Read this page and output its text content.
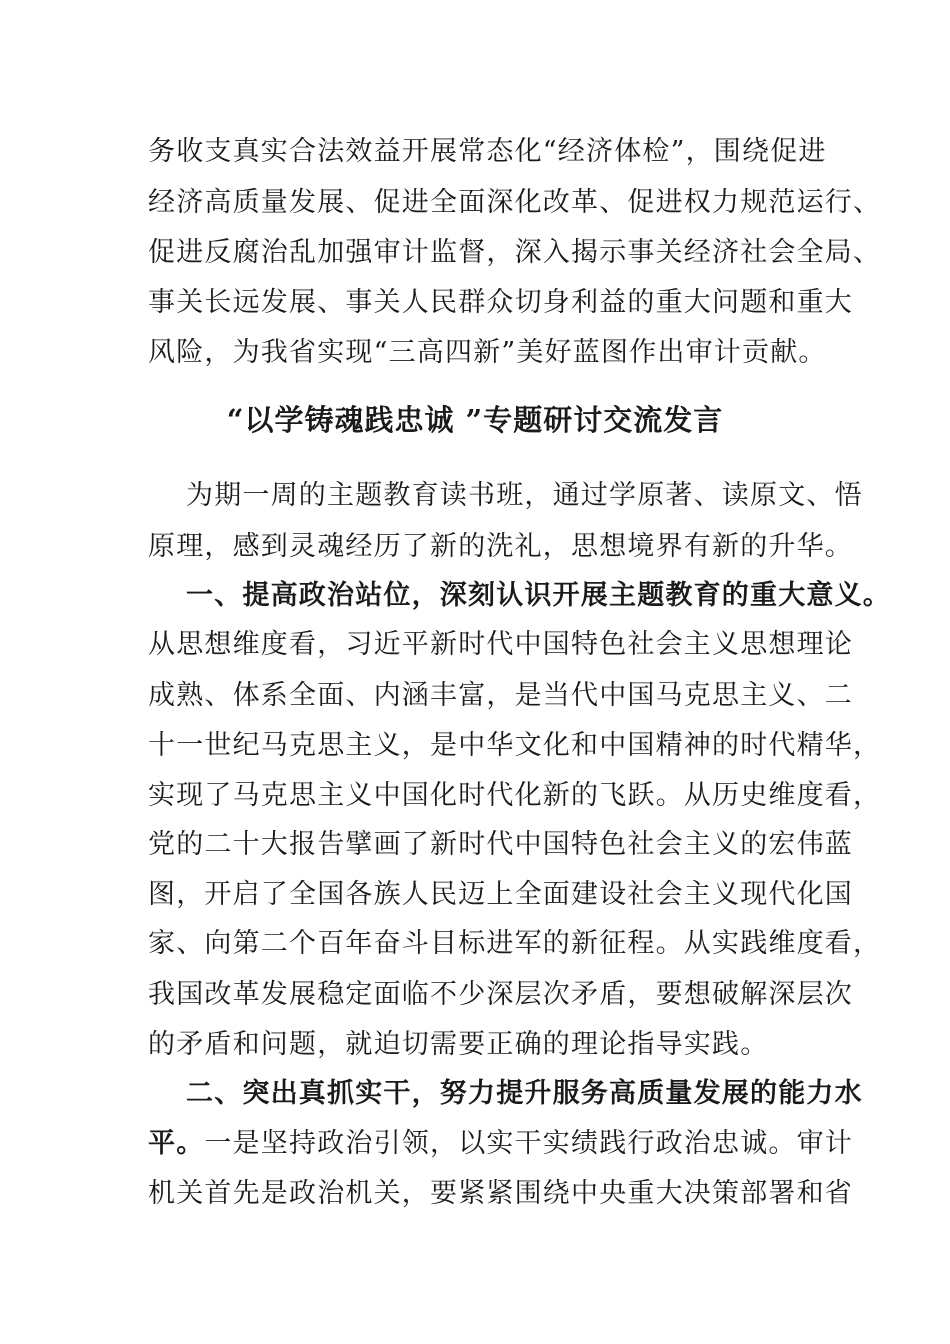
务收支真实合法效益开展常态化“经济体检”，围绕促进
经济高质量发展、促进全面深化改革、促进权力规范运行、
促进反腐治乱加强审计监督，深入揭示事关经济社会全局、
事关长远发展、事关人民群众切身利益的重大问题和重大
风险，为我省实现“三高四新”美好蓝图作出审计贡献。
“以学铸魂践忠诚 ”专题研讨交流发言
为期一周的主题教育读书班，通过学原著、读原文、悟
原理，感到灵魂经历了新的洗礼，思想境界有新的升华。
一、提高政治站位，深刻认识开展主题教育的重大意义。
从思想维度看，习近平新时代中国特色社会主义思想理论
成熟、体系全面、内涵丰富，是当代中国马克思主义、二
十一世纪马克思主义，是中华文化和中国精神的时代精华，
实现了马克思主义中国化时代化新的飞跃。从历史维度看，
党的二十大报告擘画了新时代中国特色社会主义的宏伟蓝
图，开启了全国各族人民迈上全面建设社会主义现代化国
家、向第二个百年奋斗目标进军的新征程。从实践维度看，
我国改革发展稳定面临不少深层次矛盾，要想破解深层次
的矛盾和问题，就迫切需要正确的理论指导实践。
二、突出真抓实干，努力提升服务高质量发展的能力水
平。一是坚持政治引领，以实干实绩践行政治忠诚。审计
机关首先是政治机关，要紧紧围绕中央重大决策部署和省
